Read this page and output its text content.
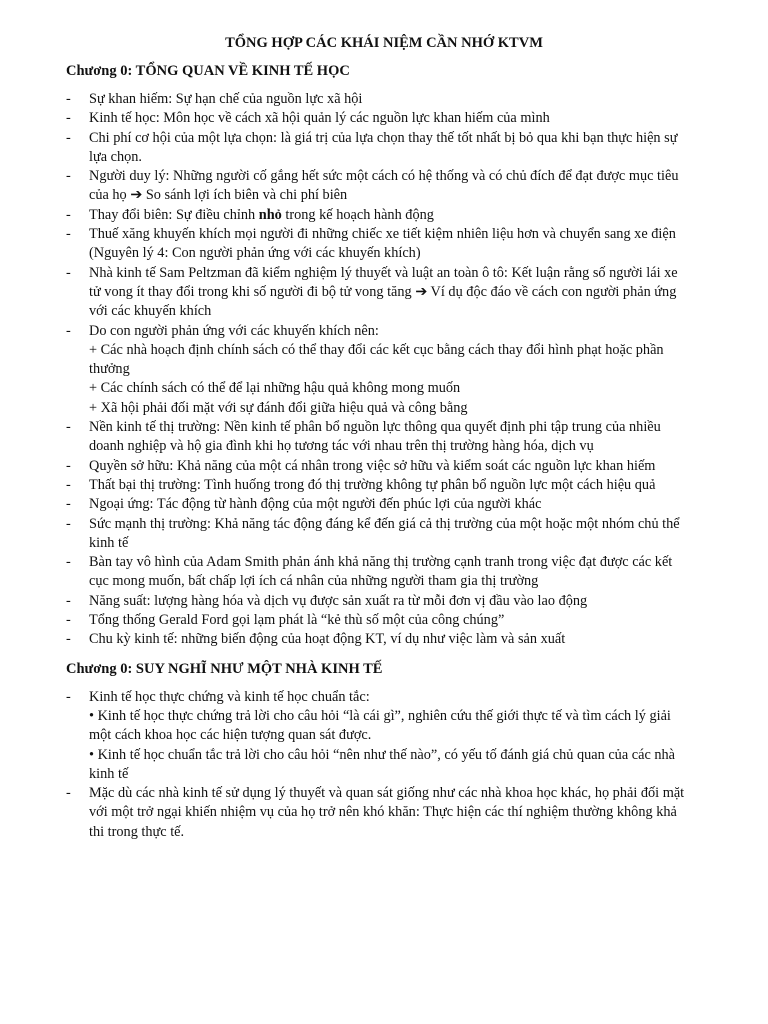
TỔNG HỢP CÁC KHÁI NIỆM CẦN NHỚ KTVM
Chương 0: TỔNG QUAN VỀ KINH TẾ HỌC
- Sự khan hiếm: Sự hạn chế của nguồn lực xã hội
- Kinh tế học: Môn học về cách xã hội quản lý các nguồn lực khan hiếm của mình
- Chi phí cơ hội của một lựa chọn: là giá trị của lựa chọn thay thế tốt nhất bị bỏ qua khi bạn thực hiện sự lựa chọn.
- Người duy lý: Những người cố gắng hết sức một cách có hệ thống và có chủ đích để đạt được mục tiêu của họ ➔ So sánh lợi ích biên và chi phí biên
- Thay đổi biên: Sự điều chỉnh nhỏ trong kế hoạch hành động
- Thuế xăng khuyến khích mọi người đi những chiếc xe tiết kiệm nhiên liệu hơn và chuyển sang xe điện (Nguyên lý 4: Con người phản ứng với các khuyến khích)
- Nhà kinh tế Sam Peltzman đã kiểm nghiệm lý thuyết và luật an toàn ô tô: Kết luận rằng số người lái xe tử vong ít thay đổi trong khi số người đi bộ tử vong tăng ➔ Ví dụ độc đáo về cách con người phản ứng với các khuyến khích
- Do con người phản ứng với các khuyến khích nên:
+ Các nhà hoạch định chính sách có thể thay đổi các kết cục bằng cách thay đổi hình phạt hoặc phần thưởng
+ Các chính sách có thể để lại những hậu quả không mong muốn
+ Xã hội phải đối mặt với sự đánh đổi giữa hiệu quả và công bằng
- Nền kinh tế thị trường: Nền kinh tế phân bổ nguồn lực thông qua quyết định phi tập trung của nhiều doanh nghiệp và hộ gia đình khi họ tương tác với nhau trên thị trường hàng hóa, dịch vụ
- Quyền sở hữu: Khả năng của một cá nhân trong việc sở hữu và kiểm soát các nguồn lực khan hiếm
- Thất bại thị trường: Tình huống trong đó thị trường không tự phân bổ nguồn lực một cách hiệu quả
- Ngoại ứng: Tác động từ hành động của một người đến phúc lợi của người khác
- Sức mạnh thị trường: Khả năng tác động đáng kể đến giá cả thị trường của một hoặc một nhóm chủ thể kinh tế
- Bàn tay vô hình của Adam Smith phản ánh khả năng thị trường cạnh tranh trong việc đạt được các kết cục mong muốn, bất chấp lợi ích cá nhân của những người tham gia thị trường
- Năng suất: lượng hàng hóa và dịch vụ được sản xuất ra từ mỗi đơn vị đầu vào lao động
- Tổng thống Gerald Ford gọi lạm phát là “kẻ thù số một của công chúng”
- Chu kỳ kinh tế: những biến động của hoạt động KT, ví dụ như việc làm và sản xuất
Chương 0: SUY NGHĨ NHƯ MỘT NHÀ KINH TẾ
- Kinh tế học thực chứng và kinh tế học chuẩn tắc:
• Kinh tế học thực chứng trả lời cho câu hỏi “là cái gì”, nghiên cứu thế giới thực tế và tìm cách lý giải một cách khoa học các hiện tượng quan sát được.
• Kinh tế học chuẩn tắc trả lời cho câu hỏi “nên như thế nào”, có yếu tố đánh giá chủ quan của các nhà kinh tế
- Mặc dù các nhà kinh tế sử dụng lý thuyết và quan sát giống như các nhà khoa học khác, họ phải đối mặt với một trở ngại khiến nhiệm vụ của họ trở nên khó khăn: Thực hiện các thí nghiệm thường không khả thi trong thực tế.
